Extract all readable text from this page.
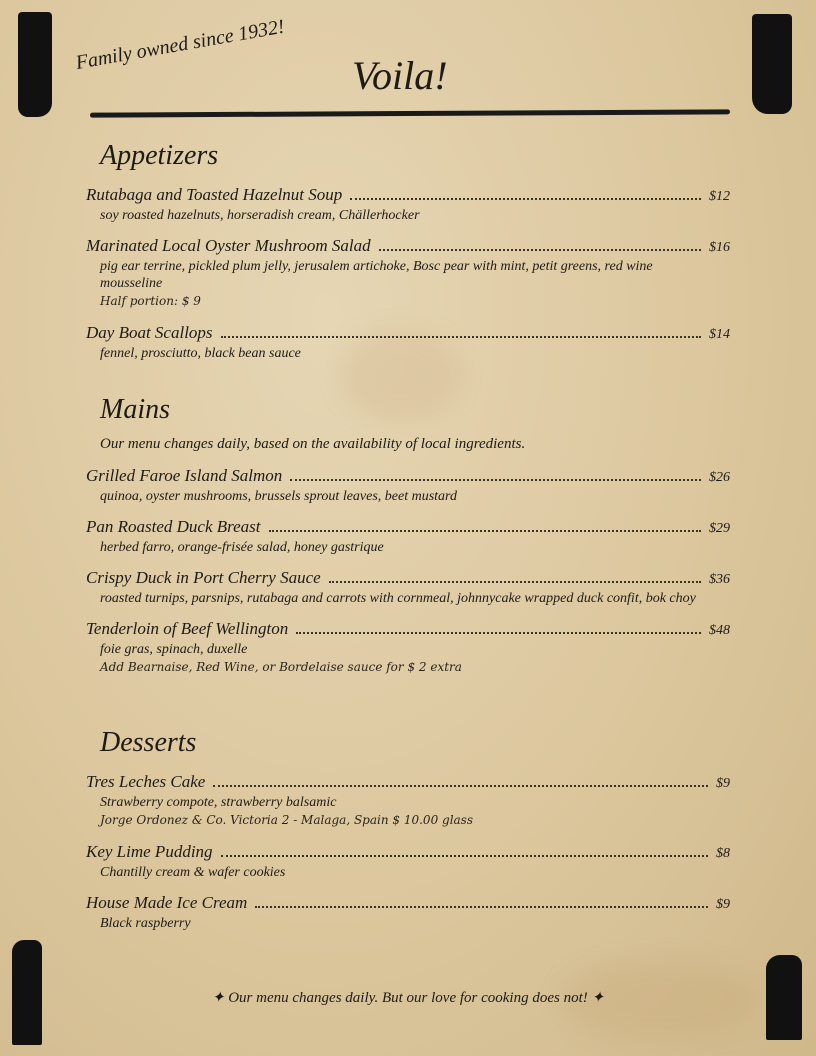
Family owned since 1932!
Voila!
Appetizers
Rutabaga and Toasted Hazelnut Soup	$12
soy roasted hazelnuts, horseradish cream, Chällerhocker
Marinated Local Oyster Mushroom Salad	$16
pig ear terrine, pickled plum jelly, jerusalem artichoke, Bosc pear with mint, petit greens, red wine mousseline
Half portion: $ 9
Day Boat Scallops	$14
fennel, prosciutto, black bean sauce
Mains
Our menu changes daily, based on the availability of local ingredients.
Grilled Faroe Island Salmon	$26
quinoa, oyster mushrooms, brussels sprout leaves, beet mustard
Pan Roasted Duck Breast	$29
herbed farro, orange-frisée salad, honey gastrique
Crispy Duck in Port Cherry Sauce	$36
roasted turnips, parsnips, rutabaga and carrots with cornmeal, johnnycake wrapped duck confit, bok choy
Tenderloin of Beef Wellington	$48
foie gras, spinach, duxelle
Add Bearnaise, Red Wine, or Bordelaise sauce for $ 2 extra
Desserts
Tres Leches Cake	$9
Strawberry compote, strawberry balsamic
Jorge Ordonez & Co. Victoria 2 - Malaga, Spain $ 10.00 glass
Key Lime Pudding	$8
Chantilly cream & wafer cookies
House Made Ice Cream	$9
Black raspberry
✦ Our menu changes daily. But our love for cooking does not! ✦
